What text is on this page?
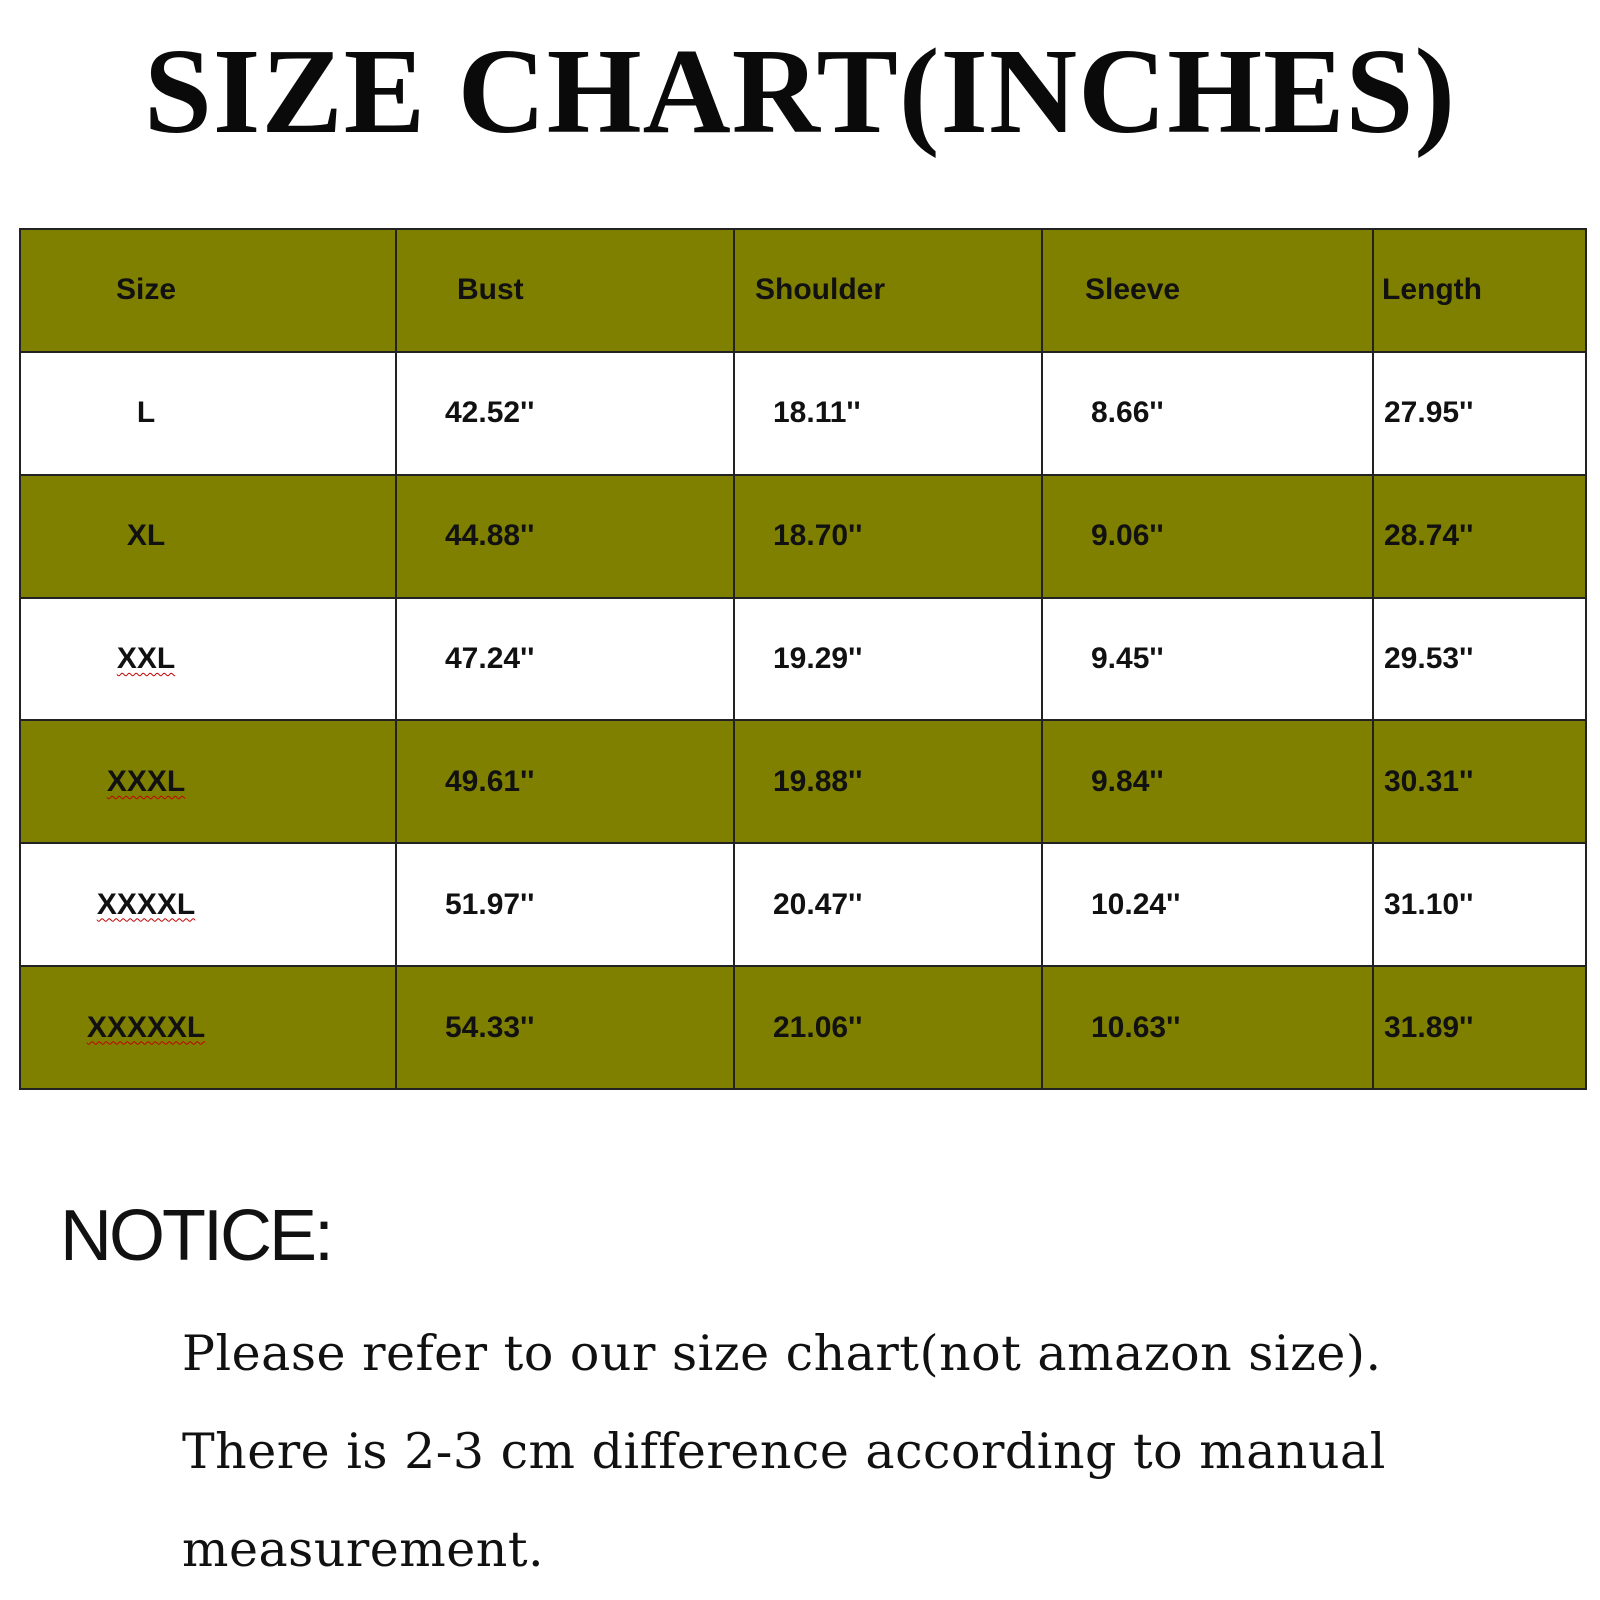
SIZE CHART(INCHES)
Size	Bust	Shoulder	Sleeve	Length

L	42.52''	18.11''	8.66''	27.95''

XL	44.88''	18.70''	9.06''	28.74''

XXL	47.24''	19.29''	9.45''	29.53''

XXXL	49.61''	19.88''	9.84''	30.31''

XXXXL	51.97''	20.47''	10.24''	31.10''

XXXXXL	54.33''	21.06''	10.63''	31.89''
NOTICE:
Please refer to our size chart(not amazon size).
There is 2-3 cm difference according to manual
measurement.
